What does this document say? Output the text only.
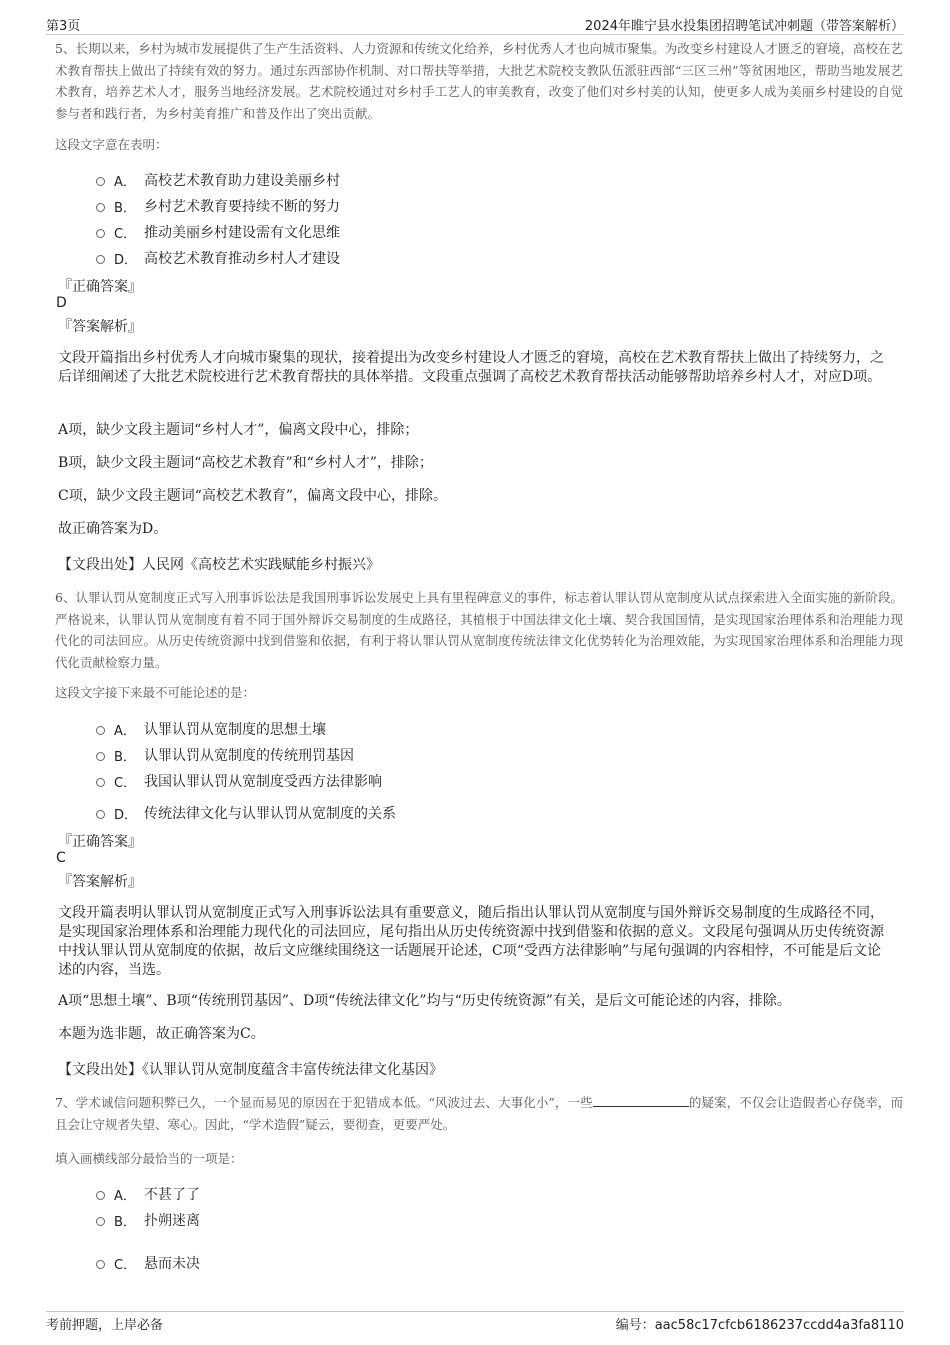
第3页	2024年睢宁县水投集团招聘笔试冲刺题（带答案解析）

5、长期以来，乡村为城市发展提供了生产生活资料、人力资源和传统文化给养，乡村优秀人才也向城市聚集。为改变乡村建设人才匮乏的窘境，高校在艺术教育帮扶上做出了持续有效的努力。通过东西部协作机制、对口帮扶等举措，大批艺术院校支教队伍派驻西部“三区三州”等贫困地区，帮助当地发展艺术教育，培养艺术人才，服务当地经济发展。艺术院校通过对乡村手工艺人的审美教育，改变了他们对乡村美的认知，使更多人成为美丽乡村建设的自觉参与者和践行者，为乡村美育推广和普及作出了突出贡献。

这段文字意在表明：
A． 高校艺术教育助力建设美丽乡村
B． 乡村艺术教育要持续不断的努力
C． 推动美丽乡村建设需有文化思维
D． 高校艺术教育推动乡村人才建设
『正确答案』
D
『答案解析』

文段开篇指出乡村优秀人才向城市聚集的现状，接着提出为改变乡村建设人才匮乏的窘境，高校在艺术教育帮扶上做出了持续努力，之后详细阐述了大批艺术院校进行艺术教育帮扶的具体举措。文段重点强调了高校艺术教育帮扶活动能够帮助培养乡村人才，对应D项。

A项，缺少文段主题词“乡村人才”，偏离文段中心，排除；

B项，缺少文段主题词“高校艺术教育”和“乡村人才”，排除；

C项，缺少文段主题词“高校艺术教育”，偏离文段中心，排除。

故正确答案为D。

【文段出处】人民网《高校艺术实践赋能乡村振兴》

6、认罪认罚从宽制度正式写入刑事诉讼法是我国刑事诉讼发展史上具有里程碑意义的事件，标志着认罪认罚从宽制度从试点探索进入全面实施的新阶段。严格说来，认罪认罚从宽制度有着不同于国外辩诉交易制度的生成路径，其植根于中国法律文化土壤、契合我国国情，是实现国家治理体系和治理能力现代化的司法回应。从历史传统资源中找到借鉴和依据，有利于将认罪认罚从宽制度传统法律文化优势转化为治理效能，为实现国家治理体系和治理能力现代化贡献检察力量。

这段文字接下来最不可能论述的是：
A． 认罪认罚从宽制度的思想土壤
B． 认罪认罚从宽制度的传统刑罚基因
C． 我国认罪认罚从宽制度受西方法律影响
D． 传统法律文化与认罪认罚从宽制度的关系
『正确答案』
C
『答案解析』

文段开篇表明认罪认罚从宽制度正式写入刑事诉讼法具有重要意义，随后指出认罪认罚从宽制度与国外辩诉交易制度的生成路径不同，是实现国家治理体系和治理能力现代化的司法回应，尾句指出从历史传统资源中找到借鉴和依据的意义。文段尾句强调从历史传统资源中找认罪认罚从宽制度的依据，故后文应继续围绕这一话题展开论述，C项“受西方法律影响”与尾句强调的内容相悖，不可能是后文论述的内容，当选。

A项“思想土壤”、B项“传统刑罚基因”、D项“传统法律文化”均与“历史传统资源”有关，是后文可能论述的内容，排除。

本题为选非题，故正确答案为C。

【文段出处】《认罪认罚从宽制度蕴含丰富传统法律文化基因》

7、学术诚信问题积弊已久，一个显而易见的原因在于犯错成本低。“风波过去、大事化小”，一些	的疑案，不仅会让造假者心存侥幸，而且会让守规者失望、寒心。因此，“学术造假”疑云，要彻查，更要严处。

填入画横线部分最恰当的一项是：
A． 不甚了了
B． 扑朔迷离
C． 悬而未决
考前押题，上岸必备	编号：aac58c17cfcb6186237ccdd4a3fa8110
